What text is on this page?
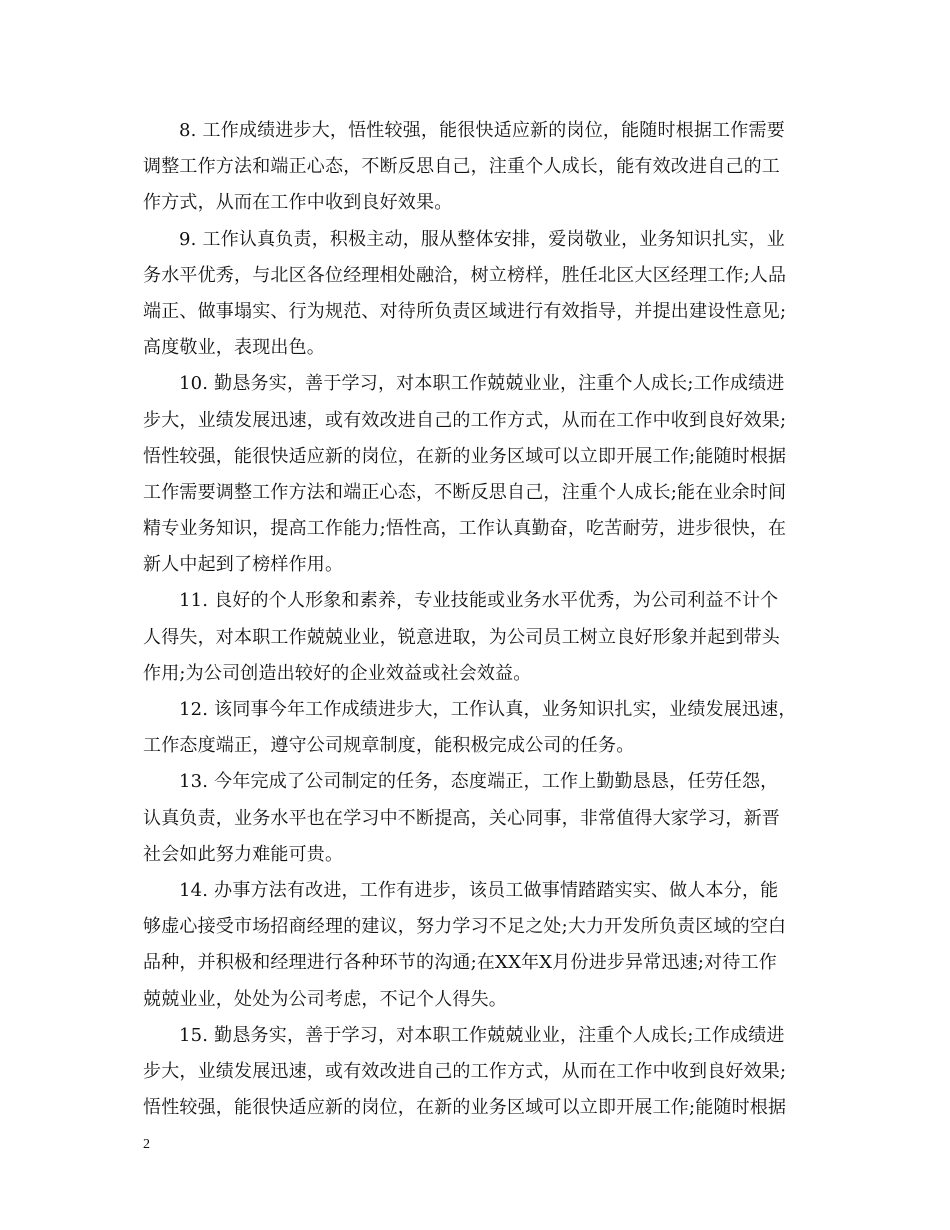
8. 工作成绩进步大，悟性较强，能很快适应新的岗位，能随时根据工作需要
调整工作方法和端正心态，不断反思自己，注重个人成长，能有效改进自己的工
作方式，从而在工作中收到良好效果。

9. 工作认真负责，积极主动，服从整体安排，爱岗敬业，业务知识扎实，业
务水平优秀，与北区各位经理相处融洽，树立榜样，胜任北区大区经理工作;人品
端正、做事塌实、行为规范、对待所负责区域进行有效指导，并提出建设性意见;
高度敬业，表现出色。

10. 勤恳务实，善于学习，对本职工作兢兢业业，注重个人成长;工作成绩进
步大，业绩发展迅速，或有效改进自己的工作方式，从而在工作中收到良好效果;
悟性较强，能很快适应新的岗位，在新的业务区域可以立即开展工作;能随时根据
工作需要调整工作方法和端正心态，不断反思自己，注重个人成长;能在业余时间
精专业务知识，提高工作能力;悟性高，工作认真勤奋，吃苦耐劳，进步很快，在
新人中起到了榜样作用。

11. 良好的个人形象和素养，专业技能或业务水平优秀，为公司利益不计个
人得失，对本职工作兢兢业业，锐意进取，为公司员工树立良好形象并起到带头
作用;为公司创造出较好的企业效益或社会效益。

12. 该同事今年工作成绩进步大，工作认真，业务知识扎实，业绩发展迅速，
工作态度端正，遵守公司规章制度，能积极完成公司的任务。

13. 今年完成了公司制定的任务，态度端正，工作上勤勤恳恳，任劳任怨，
认真负责，业务水平也在学习中不断提高，关心同事，非常值得大家学习，新晋
社会如此努力难能可贵。

14. 办事方法有改进，工作有进步，该员工做事情踏踏实实、做人本分，能
够虚心接受市场招商经理的建议，努力学习不足之处;大力开发所负责区域的空白
品种，并积极和经理进行各种环节的沟通;在XX年X月份进步异常迅速;对待工作
兢兢业业，处处为公司考虑，不记个人得失。

15. 勤恳务实，善于学习，对本职工作兢兢业业，注重个人成长;工作成绩进
步大，业绩发展迅速，或有效改进自己的工作方式，从而在工作中收到良好效果;
悟性较强，能很快适应新的岗位，在新的业务区域可以立即开展工作;能随时根据

2
